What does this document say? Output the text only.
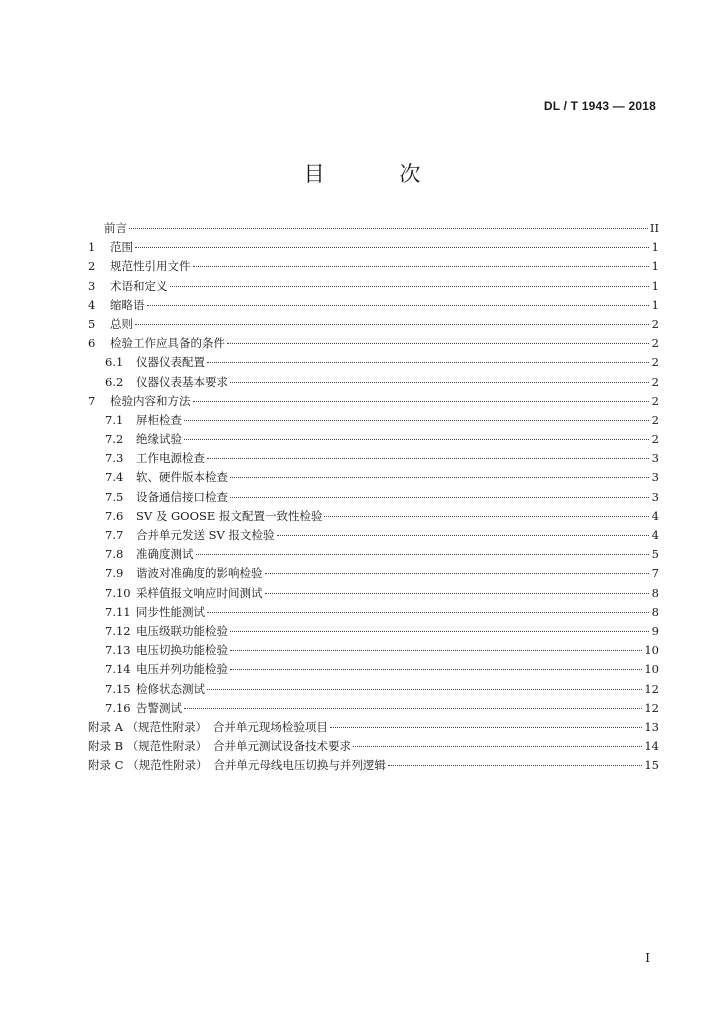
DL / T 1943 — 2018
目 次
前言	II
1	范围	1
2	规范性引用文件	1
3	术语和定义	1
4	缩略语	1
5	总则	2
6	检验工作应具备的条件	2
6.1	仪器仪表配置	2
6.2	仪器仪表基本要求	2
7	检验内容和方法	2
7.1	屏柜检查	2
7.2	绝缘试验	2
7.3	工作电源检查	3
7.4	软、硬件版本检查	3
7.5	设备通信接口检查	3
7.6	SV 及 GOOSE 报文配置一致性检验	4
7.7	合并单元发送 SV 报文检验	4
7.8	准确度测试	5
7.9	谐波对准确度的影响检验	7
7.10 采样值报文响应时间测试	8
7.11 同步性能测试	8
7.12 电压级联功能检验	9
7.13 电压切换功能检验	10
7.14 电压并列功能检验	10
7.15 检修状态测试	12
7.16 告警测试	12
附录 A （规范性附录）　合并单元现场检验项目	13
附录 B （规范性附录）　合并单元测试设备技术要求	14
附录 C （规范性附录）　合并单元母线电压切换与并列逻辑	15
I
